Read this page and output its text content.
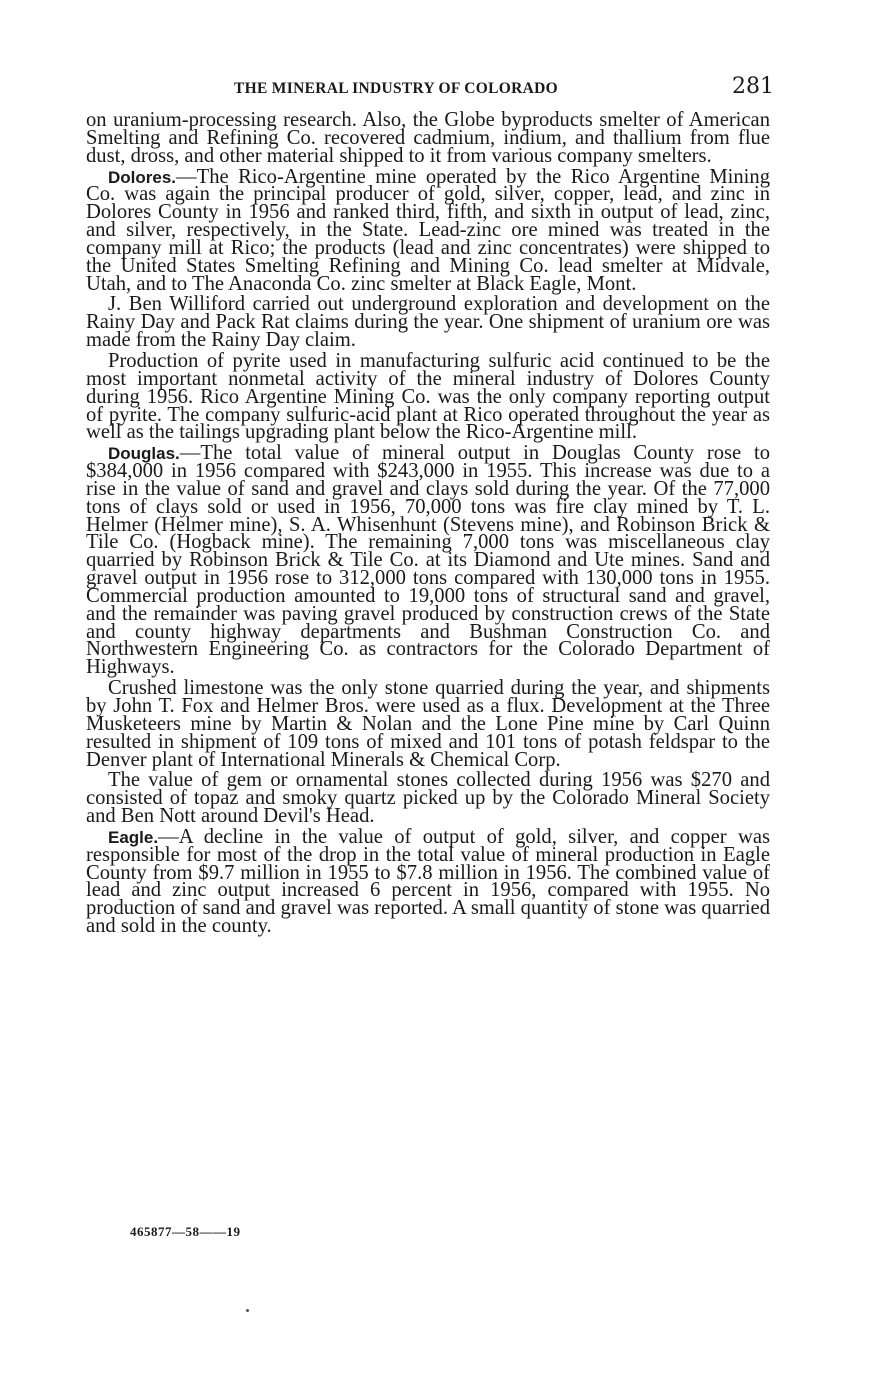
THE MINERAL INDUSTRY OF COLORADO	281

on uranium-processing research. Also, the Globe byproducts smelter of American Smelting and Refining Co. recovered cadmium, indium, and thallium from flue dust, dross, and other material shipped to it from various company smelters.

Dolores.—The Rico-Argentine mine operated by the Rico Argentine Mining Co. was again the principal producer of gold, silver, copper, lead, and zinc in Dolores County in 1956 and ranked third, fifth, and sixth in output of lead, zinc, and silver, respectively, in the State. Lead-zinc ore mined was treated in the company mill at Rico; the products (lead and zinc concentrates) were shipped to the United States Smelting Refining and Mining Co. lead smelter at Midvale, Utah, and to The Anaconda Co. zinc smelter at Black Eagle, Mont.

J. Ben Williford carried out underground exploration and development on the Rainy Day and Pack Rat claims during the year. One shipment of uranium ore was made from the Rainy Day claim.

Production of pyrite used in manufacturing sulfuric acid continued to be the most important nonmetal activity of the mineral industry of Dolores County during 1956. Rico Argentine Mining Co. was the only company reporting output of pyrite. The company sulfuric-acid plant at Rico operated throughout the year as well as the tailings upgrading plant below the Rico-Argentine mill.

Douglas.—The total value of mineral output in Douglas County rose to $384,000 in 1956 compared with $243,000 in 1955. This increase was due to a rise in the value of sand and gravel and clays sold during the year. Of the 77,000 tons of clays sold or used in 1956, 70,000 tons was fire clay mined by T. L. Helmer (Helmer mine), S. A. Whisenhunt (Stevens mine), and Robinson Brick & Tile Co. (Hogback mine). The remaining 7,000 tons was miscellaneous clay quarried by Robinson Brick & Tile Co. at its Diamond and Ute mines. Sand and gravel output in 1956 rose to 312,000 tons compared with 130,000 tons in 1955. Commercial production amounted to 19,000 tons of structural sand and gravel, and the remainder was paving gravel produced by construction crews of the State and county highway departments and Bushman Construction Co. and Northwestern Engineering Co. as contractors for the Colorado Department of Highways.

Crushed limestone was the only stone quarried during the year, and shipments by John T. Fox and Helmer Bros. were used as a flux. Development at the Three Musketeers mine by Martin & Nolan and the Lone Pine mine by Carl Quinn resulted in shipment of 109 tons of mixed and 101 tons of potash feldspar to the Denver plant of International Minerals & Chemical Corp.

The value of gem or ornamental stones collected during 1956 was $270 and consisted of topaz and smoky quartz picked up by the Colorado Mineral Society and Ben Nott around Devil's Head.

Eagle.—A decline in the value of output of gold, silver, and copper was responsible for most of the drop in the total value of mineral production in Eagle County from $9.7 million in 1955 to $7.8 million in 1956. The combined value of lead and zinc output increased 6 percent in 1956, compared with 1955. No production of sand and gravel was reported. A small quantity of stone was quarried and sold in the county.

465877—58——19
